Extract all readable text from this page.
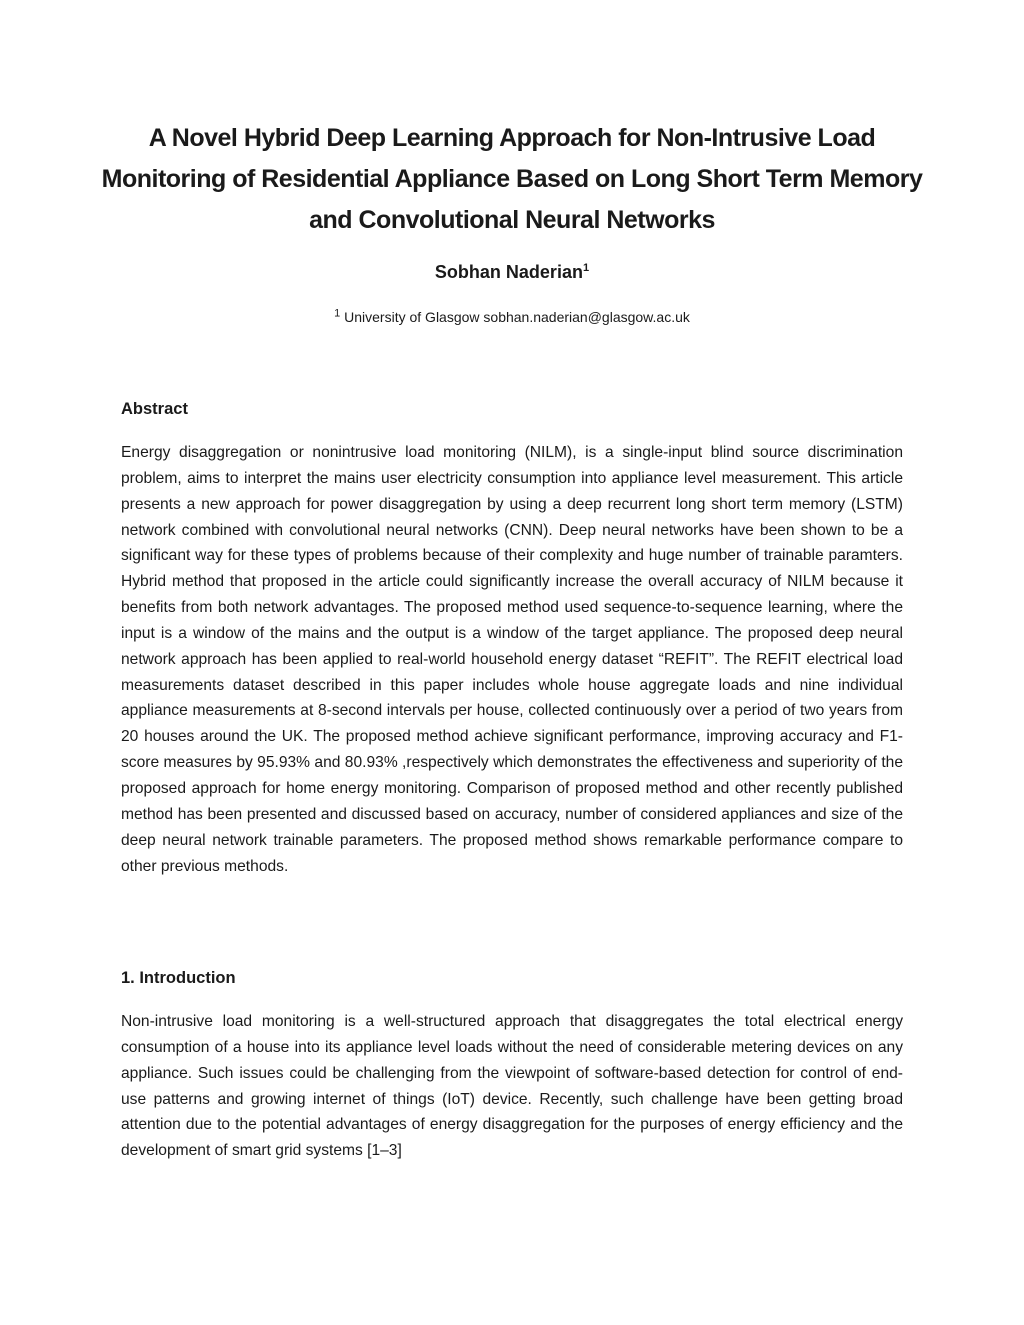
A Novel Hybrid Deep Learning Approach for Non-Intrusive Load Monitoring of Residential Appliance Based on Long Short Term Memory and Convolutional Neural Networks

Sobhan Naderian$^1$

$^1$ University of Glasgow sobhan.naderian@glasgow.ac.uk

Abstract

Energy disaggregation or nonintrusive load monitoring (NILM), is a single-input blind source discrimination problem, aims to interpret the mains user electricity consumption into appliance level measurement. This article presents a new approach for power disaggregation by using a deep recurrent long short term memory (LSTM) network combined with convolutional neural networks (CNN). Deep neural networks have been shown to be a significant way for these types of problems because of their complexity and huge number of trainable paramters. Hybrid method that proposed in the article could significantly increase the overall accuracy of NILM because it benefits from both network advantages. The proposed method used sequence-to-sequence learning, where the input is a window of the mains and the output is a window of the target appliance. The proposed deep neural network approach has been applied to real-world household energy dataset “REFIT”. The REFIT electrical load measurements dataset described in this paper includes whole house aggregate loads and nine individual appliance measurements at 8-second intervals per house, collected continuously over a period of two years from 20 houses around the UK. The proposed method achieve significant performance, improving accuracy and F1-score measures by 95.93% and 80.93% ,respectively which demonstrates the effectiveness and superiority of the proposed approach for home energy monitoring. Comparison of proposed method and other recently published method has been presented and discussed based on accuracy, number of considered appliances and size of the deep neural network trainable parameters. The proposed method shows remarkable performance compare to other previous methods.

1. Introduction

Non-intrusive load monitoring is a well-structured approach that disaggregates the total electrical energy consumption of a house into its appliance level loads without the need of considerable metering devices on any appliance. Such issues could be challenging from the viewpoint of software-based detection for control of end-use patterns and growing internet of things (IoT) device. Recently, such challenge have been getting broad attention due to the potential advantages of energy disaggregation for the purposes of energy efficiency and the development of smart grid systems [1–3]
